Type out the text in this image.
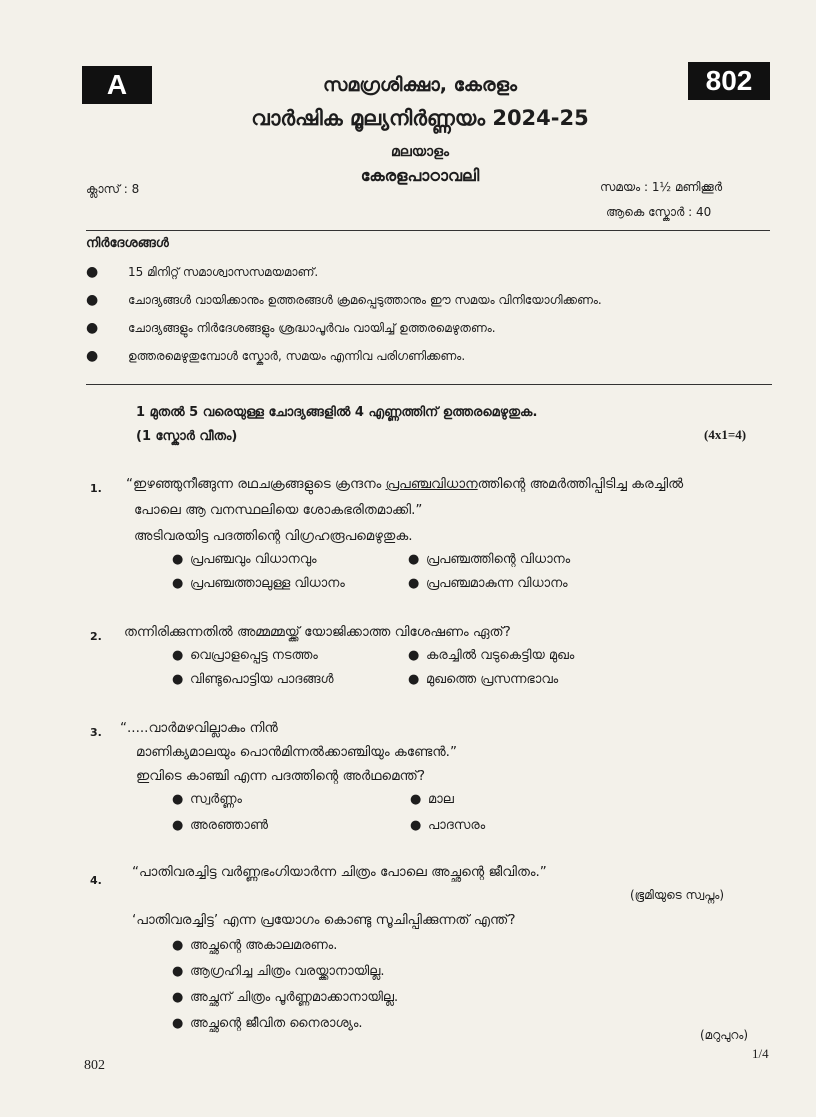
A	802
സമഗ്രശിക്ഷാ, കേരളം
വാർഷിക മൂല്യനിർണ്ണയം 2024-25
മലയാളം
കേരളപാഠാവലി
ക്ലാസ് : 8	സമയം : 1½ മണിക്കൂർ
ആകെ സ്കോർ : 40
നിർദേശങ്ങൾ
●	15 മിനിറ്റ് സമാശ്വാസസമയമാണ്.
●	ചോദ്യങ്ങൾ വായിക്കാനും ഉത്തരങ്ങൾ ക്രമപ്പെടുത്താനും ഈ സമയം വിനിയോഗിക്കണം.
●	ചോദ്യങ്ങളും നിർദേശങ്ങളും ശ്രദ്ധാപൂർവം വായിച്ച് ഉത്തരമെഴുതണം.
●	ഉത്തരമെഴുതുമ്പോൾ സ്കോർ, സമയം എന്നിവ പരിഗണിക്കണം.
1 മുതൽ 5 വരെയുള്ള ചോദ്യങ്ങളിൽ 4 എണ്ണത്തിന് ഉത്തരമെഴുതുക.
(1 സ്കോർ വീതം)	(4x1=4)
1. “ഇഴഞ്ഞുനീങ്ങുന്ന രഥചക്രങ്ങളുടെ ക്രന്ദനം പ്രപഞ്ചവിധാനത്തിന്റെ അമർത്തിപ്പിടിച്ച കരച്ചിൽ
പോലെ ആ വനസ്ഥലിയെ ശോകഭരിതമാക്കി.”
അടിവരയിട്ട പദത്തിന്റെ വിഗ്രഹരൂപമെഴുതുക.
● പ്രപഞ്ചവും വിധാനവും	● പ്രപഞ്ചത്തിന്റെ വിധാനം
● പ്രപഞ്ചത്താലുള്ള വിധാനം	● പ്രപഞ്ചമാകുന്ന വിധാനം
2. തന്നിരിക്കുന്നതിൽ അമ്മമ്മയ്ക്ക് യോജിക്കാത്ത വിശേഷണം ഏത്?
● വെപ്രാളപ്പെട്ട നടത്തം	● കരച്ചിൽ വടുകെട്ടിയ മുഖം
● വിണ്ടുപൊട്ടിയ പാദങ്ങൾ	● മുഖത്തെ പ്രസന്നഭാവം
3. “.....വാർമഴവില്ലാകും നിൻ
മാണിക്യമാലയും പൊൻമിന്നൽക്കാഞ്ചിയും കണ്ടേൻ.”
ഇവിടെ കാഞ്ചി എന്ന പദത്തിന്റെ അർഥമെന്ത്?
● സ്വർണ്ണം	● മാല
● അരഞ്ഞാൺ	● പാദസരം
4.
“പാതിവരച്ചിട്ട വർണ്ണഭംഗിയാർന്ന ചിത്രം പോലെ അച്ഛന്റെ ജീവിതം.”
(ഭൂമിയുടെ സ്വപ്നം)
‘പാതിവരച്ചിട്ട’ എന്ന പ്രയോഗം കൊണ്ടു സൂചിപ്പിക്കുന്നത് എന്ത്?
● അച്ഛന്റെ അകാലമരണം.
● ആഗ്രഹിച്ച ചിത്രം വരയ്ക്കാനായില്ല.
● അച്ഛന് ചിത്രം പൂർണ്ണമാക്കാനായില്ല.
● അച്ഛന്റെ ജീവിത നൈരാശ്യം.
(മറുപുറം)
1/4
802
